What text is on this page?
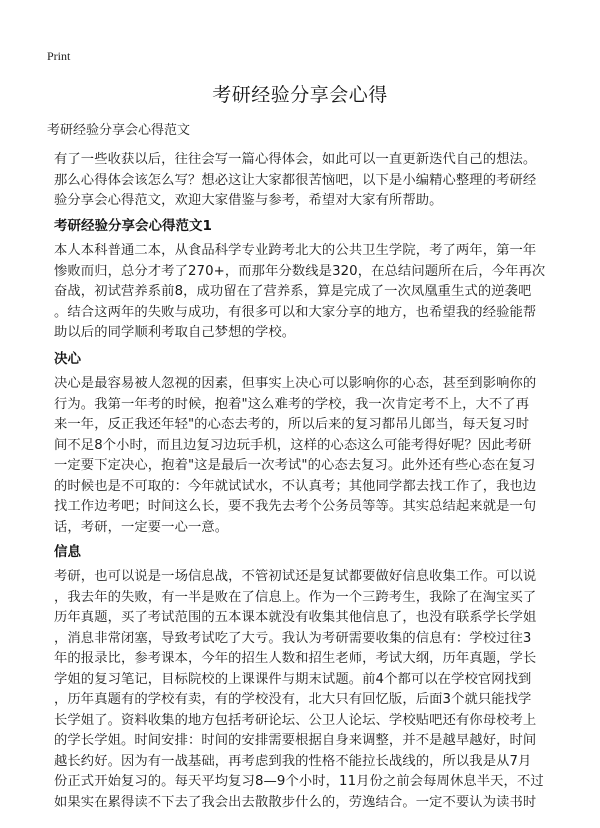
Print
考研经验分享会心得
考研经验分享会心得范文
有了一些收获以后，往往会写一篇心得体会，如此可以一直更新迭代自己的想法。
那么心得体会该怎么写？想必这让大家都很苦恼吧，以下是小编精心整理的考研经
验分享会心得范文，欢迎大家借鉴与参考，希望对大家有所帮助。
考研经验分享会心得范文1
本人本科普通二本，从食品科学专业跨考北大的公共卫生学院，考了两年，第一年
惨败而归，总分才考了270+，而那年分数线是320，在总结问题所在后，今年再次
奋战，初试营养系前8，成功留在了营养系，算是完成了一次凤凰重生式的逆袭吧
。结合这两年的失败与成功，有很多可以和大家分享的地方，也希望我的经验能帮
助以后的同学顺利考取自己梦想的学校。
决心
决心是最容易被人忽视的因素，但事实上决心可以影响你的心态，甚至到影响你的
行为。我第一年考的时候，抱着"这么难考的学校，我一次肯定考不上，大不了再
来一年，反正我还年轻"的心态去考的，所以后来的复习都吊儿郎当，每天复习时
间不足8个小时，而且边复习边玩手机，这样的心态这么可能考得好呢？因此考研
一定要下定决心，抱着"这是最后一次考试"的心态去复习。此外还有些心态在复习
的时候也是不可取的：今年就试试水，不认真考；其他同学都去找工作了，我也边
找工作边考吧；时间这么长，要不我先去考个公务员等等。其实总结起来就是一句
话，考研，一定要一心一意。
信息
考研，也可以说是一场信息战，不管初试还是复试都要做好信息收集工作。可以说
，我去年的失败，有一半是败在了信息上。作为一个三跨考生，我除了在淘宝买了
历年真题，买了考试范围的五本课本就没有收集其他信息了，也没有联系学长学姐
，消息非常闭塞，导致考试吃了大亏。我认为考研需要收集的信息有：学校过往3
年的报录比，参考课本，今年的招生人数和招生老师，考试大纲，历年真题，学长
学姐的复习笔记，目标院校的上课课件与期末试题。前4个都可以在学校官网找到
，历年真题有的学校有卖，有的学校没有，北大只有回忆版，后面3个就只能找学
长学姐了。资料收集的地方包括考研论坛、公卫人论坛、学校贴吧还有你母校考上
的学长学姐。时间安排：时间的安排需要根据自身来调整，并不是越早越好，时间
越长约好。因为有一战基础，再考虑到我的性格不能拉长战线的，所以我是从7月
份正式开始复习的。每天平均复习8—9个小时，11月份之前会每周休息半天，不过
如果实在累得读不下去了我会出去散散步什么的，劳逸结合。一定不要认为读书时
